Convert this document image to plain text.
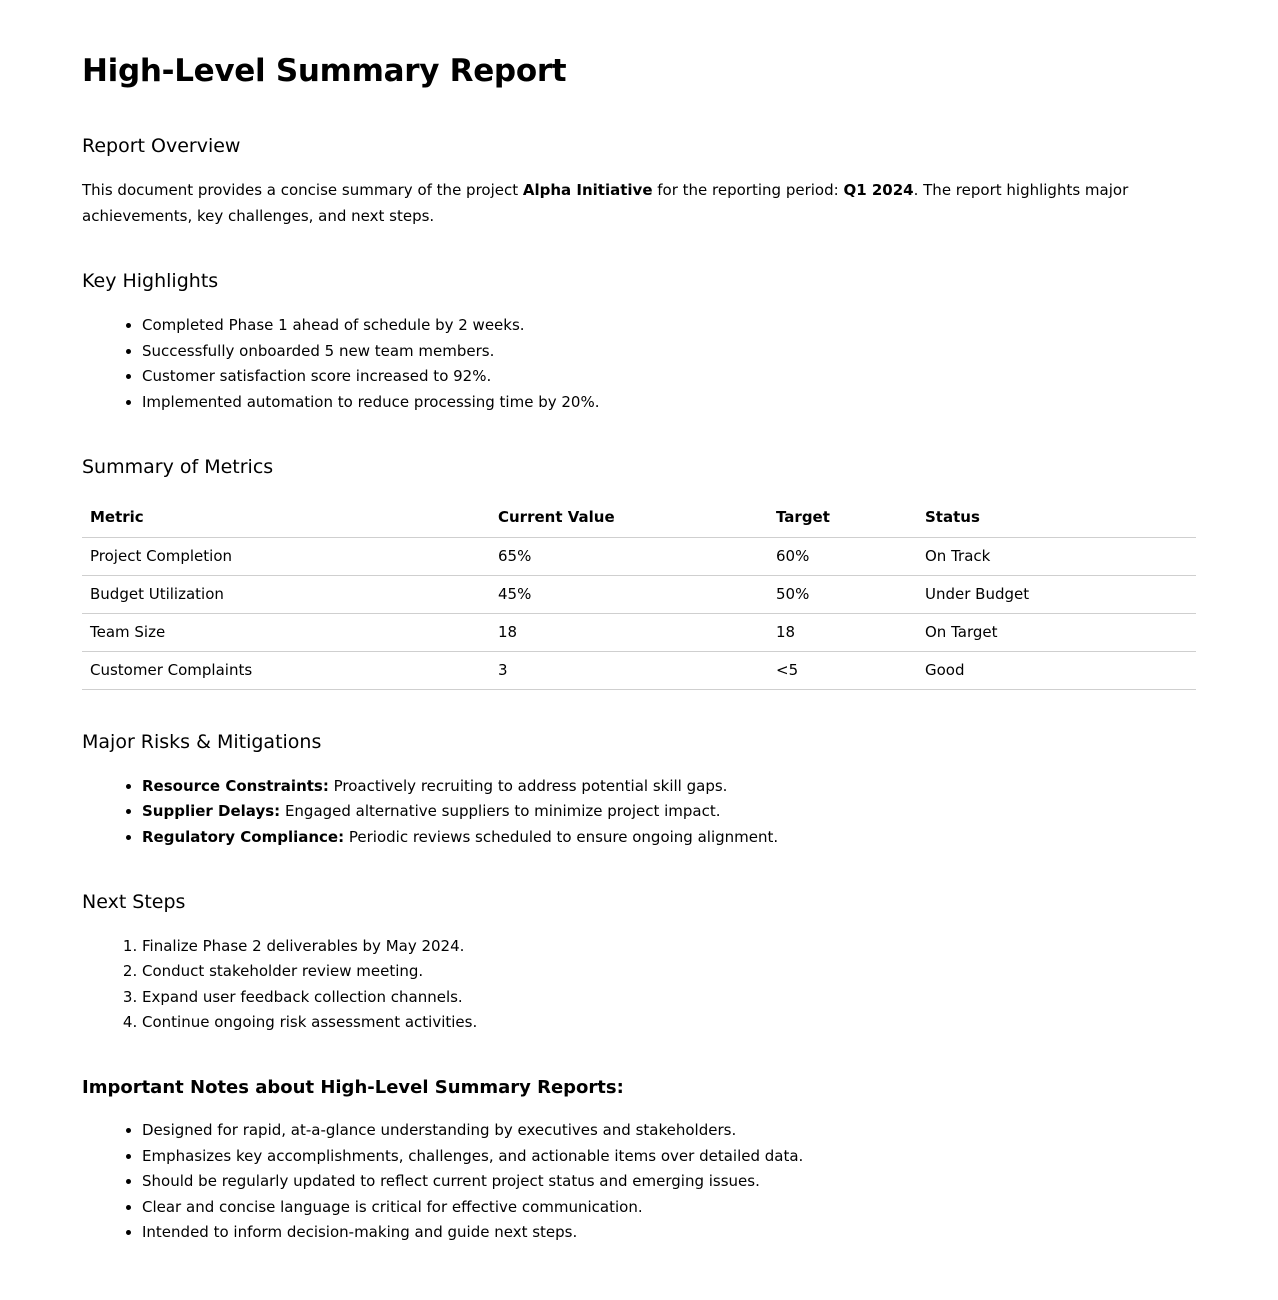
High-Level Summary Report
Report Overview

This document provides a concise summary of the project Alpha Initiative for the reporting period: Q1 2024. The report highlights major achievements, key challenges, and next steps.

Key Highlights
• Completed Phase 1 ahead of schedule by 2 weeks.
• Successfully onboarded 5 new team members.
• Customer satisfaction score increased to 92%.
• Implemented automation to reduce processing time by 20%.
Summary of Metrics
Metric	Current Value	Target	Status
Project Completion	65%	60%	On Track
Budget Utilization	45%	50%	Under Budget
Team Size	18	18	On Target
Customer Complaints	3	<5	Good
Major Risks & Mitigations
• Resource Constraints: Proactively recruiting to address potential skill gaps.
• Supplier Delays: Engaged alternative suppliers to minimize project impact.
• Regulatory Compliance: Periodic reviews scheduled to ensure ongoing alignment.
Next Steps
1. Finalize Phase 2 deliverables by May 2024.
2. Conduct stakeholder review meeting.
3. Expand user feedback collection channels.
4. Continue ongoing risk assessment activities.
Important Notes about High-Level Summary Reports:
• Designed for rapid, at-a-glance understanding by executives and stakeholders.
• Emphasizes key accomplishments, challenges, and actionable items over detailed data.
• Should be regularly updated to reflect current project status and emerging issues.
• Clear and concise language is critical for effective communication.
• Intended to inform decision-making and guide next steps.
